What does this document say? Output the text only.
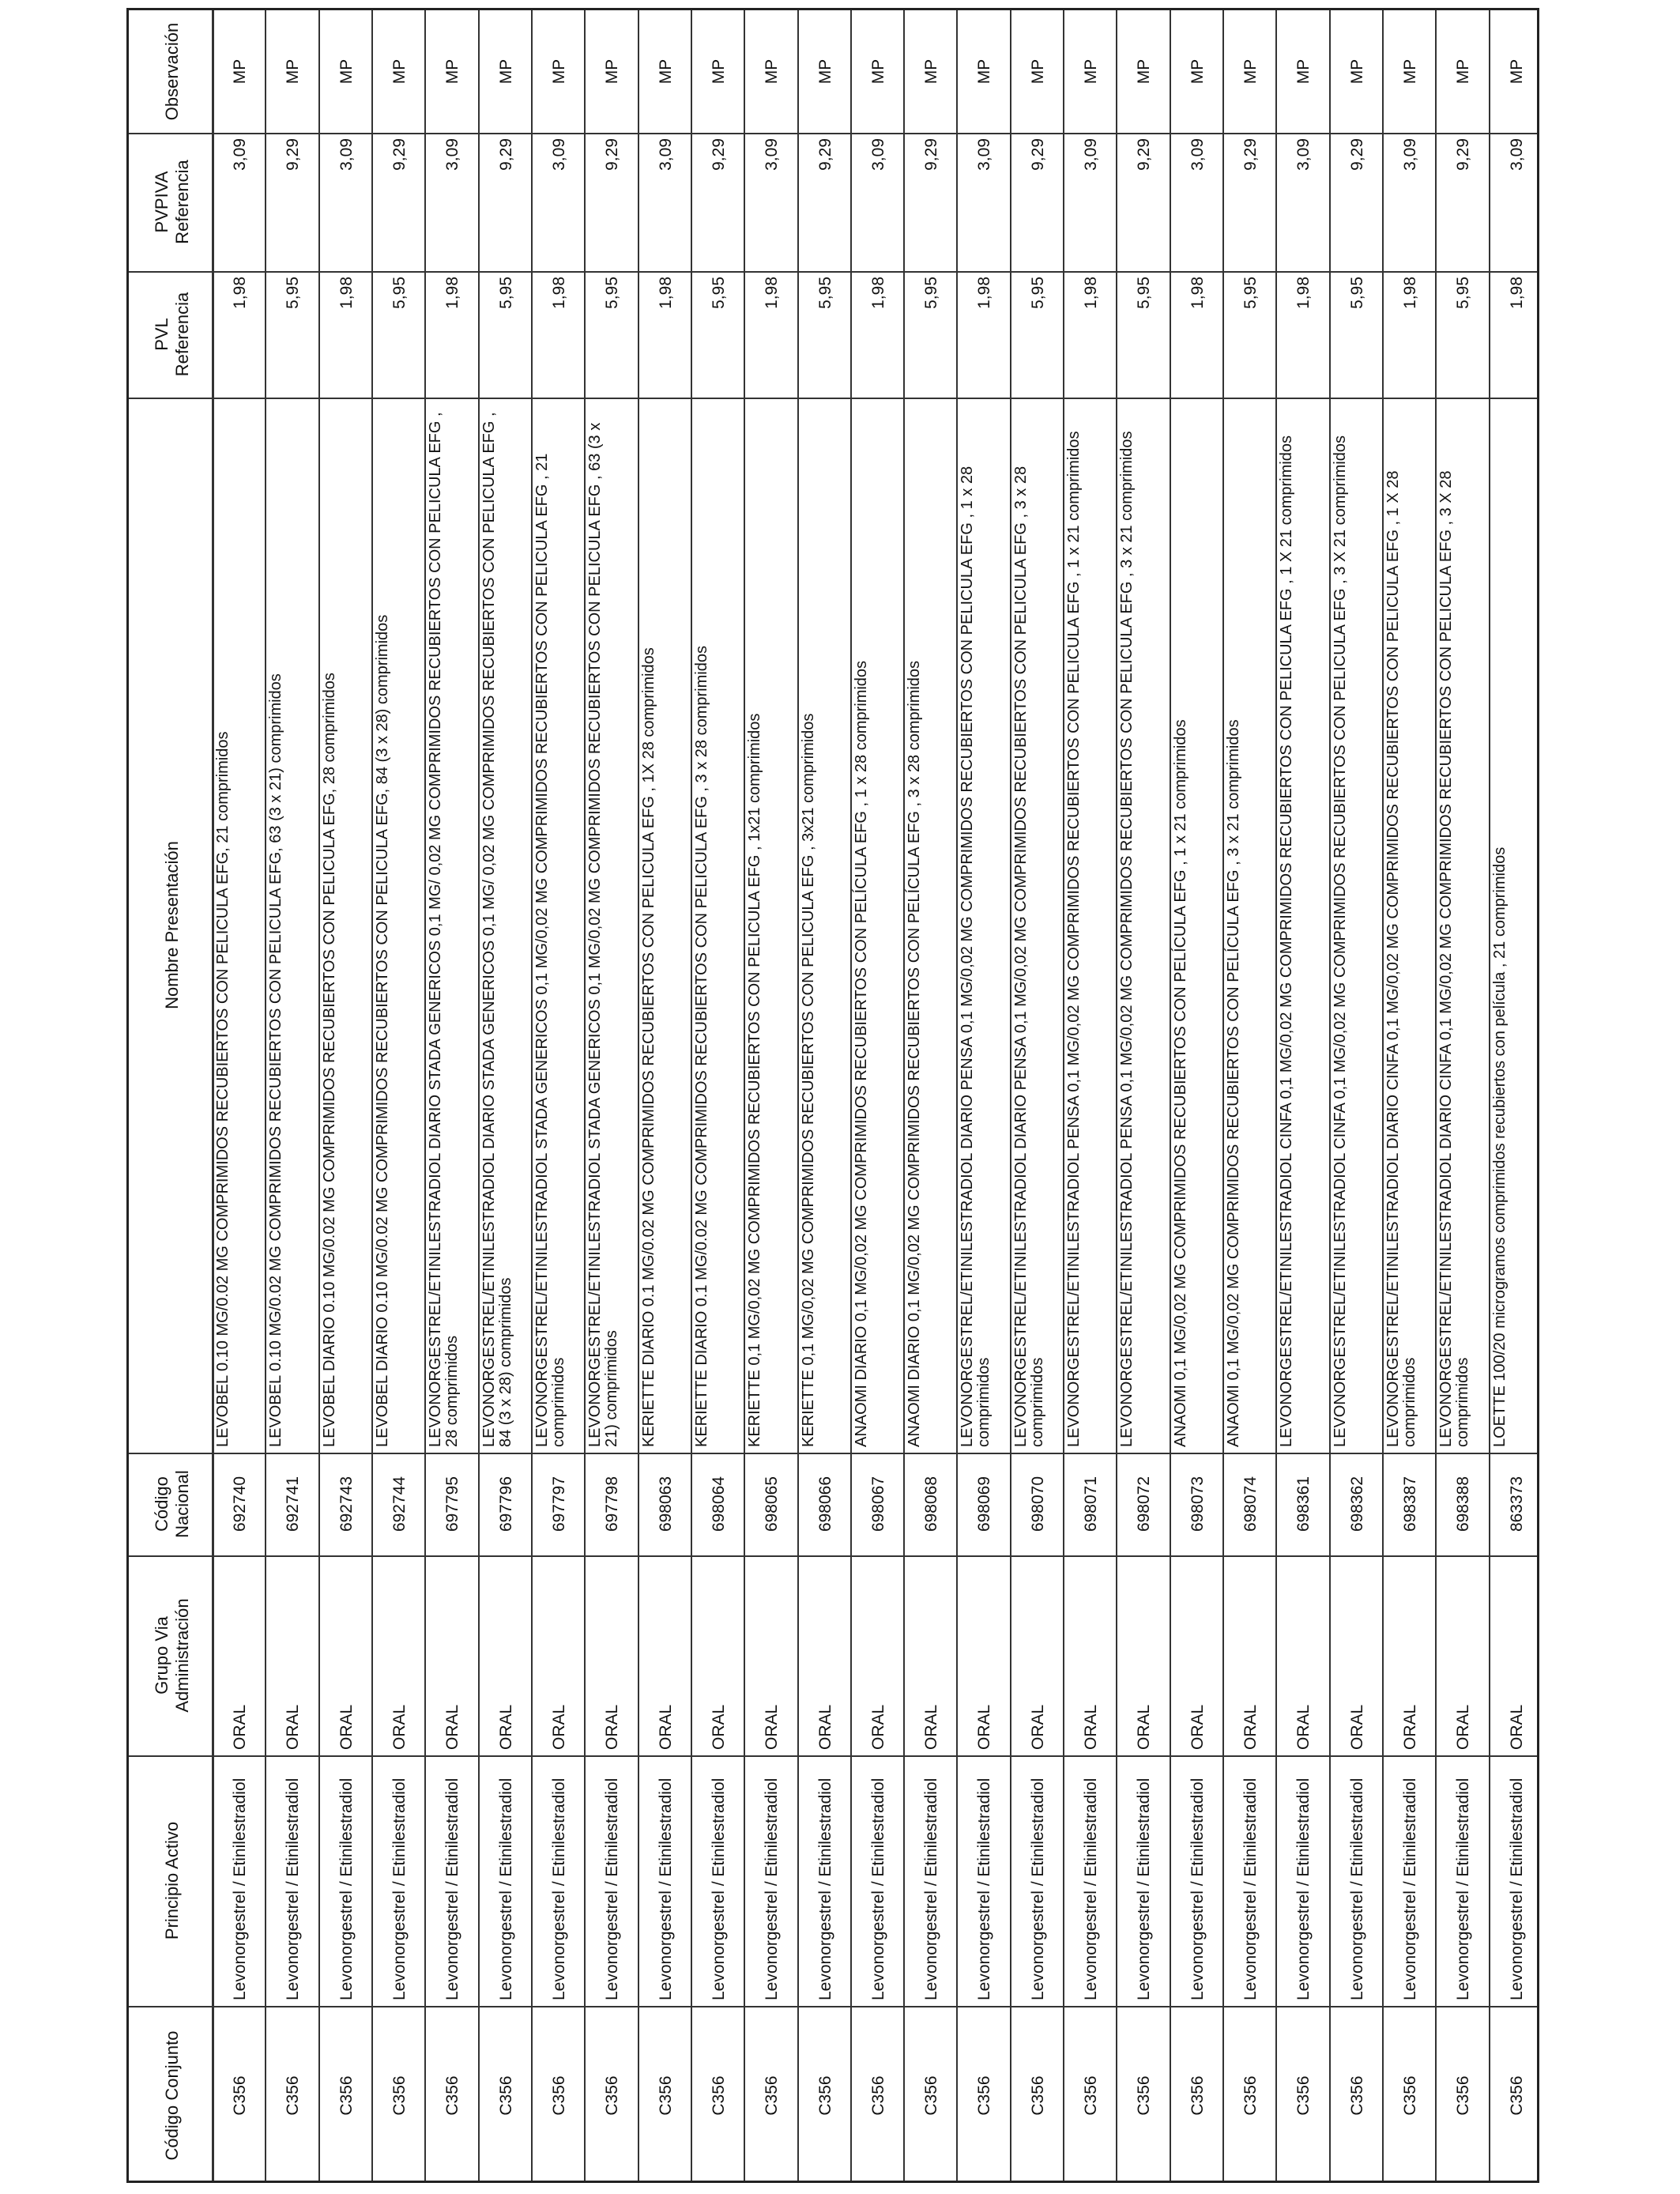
Código Conjunto
Principio Activo
Grupo Via Administración
Código Nacional
Nombre Presentación
PVL Referencia
PVPIVA Referencia
Observación
C356
Levonorgestrel / Etinilestradiol
ORAL
692740
LEVOBEL 0.10 MG/0.02 MG COMPRIMIDOS RECUBIERTOS CON PELICULA EFG, 21 comprimidos
1,98
3,09
MP
C356
Levonorgestrel / Etinilestradiol
ORAL
692741
LEVOBEL 0.10 MG/0.02 MG COMPRIMIDOS RECUBIERTOS CON PELICULA EFG, 63 (3 x 21) comprimidos
5,95
9,29
MP
C356
Levonorgestrel / Etinilestradiol
ORAL
692743
LEVOBEL DIARIO 0.10 MG/0.02 MG COMPRIMIDOS RECUBIERTOS CON PELICULA EFG, 28 comprimidos
1,98
3,09
MP
C356
Levonorgestrel / Etinilestradiol
ORAL
692744
LEVOBEL DIARIO 0.10 MG/0.02 MG COMPRIMIDOS RECUBIERTOS CON PELICULA EFG, 84 (3 x 28) comprimidos
5,95
9,29
MP
C356
Levonorgestrel / Etinilestradiol
ORAL
697795
LEVONORGESTREL/ETINILESTRADIOL DIARIO STADA GENERICOS 0,1 MG/ 0,02 MG COMPRIMIDOS RECUBIERTOS CON PELICULA EFG , 28 comprimidos
1,98
3,09
MP
C356
Levonorgestrel / Etinilestradiol
ORAL
697796
LEVONORGESTREL/ETINILESTRADIOL DIARIO STADA GENERICOS 0,1 MG/ 0,02 MG COMPRIMIDOS RECUBIERTOS CON PELICULA EFG , 84 (3 x 28) comprimidos
5,95
9,29
MP
C356
Levonorgestrel / Etinilestradiol
ORAL
697797
LEVONORGESTREL/ETINILESTRADIOL STADA GENERICOS 0,1 MG/0,02 MG COMPRIMIDOS RECUBIERTOS CON PELICULA EFG , 21 comprimidos
1,98
3,09
MP
C356
Levonorgestrel / Etinilestradiol
ORAL
697798
LEVONORGESTREL/ETINILESTRADIOL STADA GENERICOS 0,1 MG/0,02 MG COMPRIMIDOS RECUBIERTOS CON PELICULA EFG , 63 (3 x 21) comprimidos
5,95
9,29
MP
C356
Levonorgestrel / Etinilestradiol
ORAL
698063
KERIETTE DIARIO 0.1 MG/0.02 MG COMPRIMIDOS RECUBIERTOS CON PELICULA EFG , 1X 28 comprimidos
1,98
3,09
MP
C356
Levonorgestrel / Etinilestradiol
ORAL
698064
KERIETTE DIARIO 0.1 MG/0.02 MG COMPRIMIDOS RECUBIERTOS CON PELICULA EFG , 3 x 28 comprimidos
5,95
9,29
MP
C356
Levonorgestrel / Etinilestradiol
ORAL
698065
KERIETTE 0,1 MG/0,02 MG COMPRIMIDOS RECUBIERTOS CON PELICULA EFG , 1x21 comprimidos
1,98
3,09
MP
C356
Levonorgestrel / Etinilestradiol
ORAL
698066
KERIETTE 0,1 MG/0,02 MG COMPRIMIDOS RECUBIERTOS CON PELICULA EFG , 3x21 comprimidos
5,95
9,29
MP
C356
Levonorgestrel / Etinilestradiol
ORAL
698067
ANAOMI DIARIO 0,1 MG/0,02 MG COMPRIMIDOS RECUBIERTOS CON PELÍCULA EFG , 1 x 28 comprimidos
1,98
3,09
MP
C356
Levonorgestrel / Etinilestradiol
ORAL
698068
ANAOMI DIARIO 0,1 MG/0,02 MG COMPRIMIDOS RECUBIERTOS CON PELÍCULA EFG , 3 x 28 comprimidos
5,95
9,29
MP
C356
Levonorgestrel / Etinilestradiol
ORAL
698069
LEVONORGESTREL/ETINILESTRADIOL DIARIO PENSA 0,1 MG/0,02 MG COMPRIMIDOS RECUBIERTOS CON PELICULA EFG , 1 x 28 comprimidos
1,98
3,09
MP
C356
Levonorgestrel / Etinilestradiol
ORAL
698070
LEVONORGESTREL/ETINILESTRADIOL DIARIO PENSA 0,1 MG/0,02 MG COMPRIMIDOS RECUBIERTOS CON PELICULA EFG , 3 x 28 comprimidos
5,95
9,29
MP
C356
Levonorgestrel / Etinilestradiol
ORAL
698071
LEVONORGESTREL/ETINILESTRADIOL PENSA 0,1 MG/0,02 MG COMPRIMIDOS RECUBIERTOS CON PELICULA EFG , 1 x 21 comprimidos
1,98
3,09
MP
C356
Levonorgestrel / Etinilestradiol
ORAL
698072
LEVONORGESTREL/ETINILESTRADIOL PENSA 0,1 MG/0,02 MG COMPRIMIDOS RECUBIERTOS CON PELICULA EFG , 3 x 21 comprimidos
5,95
9,29
MP
C356
Levonorgestrel / Etinilestradiol
ORAL
698073
ANAOMI 0,1 MG/0,02 MG COMPRIMIDOS RECUBIERTOS CON PELÍCULA EFG , 1 x 21 comprimidos
1,98
3,09
MP
C356
Levonorgestrel / Etinilestradiol
ORAL
698074
ANAOMI 0,1 MG/0,02 MG COMPRIMIDOS RECUBIERTOS CON PELÍCULA EFG , 3 x 21 comprimidos
5,95
9,29
MP
C356
Levonorgestrel / Etinilestradiol
ORAL
698361
LEVONORGESTREL/ETINILESTRADIOL CINFA 0,1 MG/0,02 MG COMPRIMIDOS RECUBIERTOS CON PELICULA EFG , 1 X 21 comprimidos
1,98
3,09
MP
C356
Levonorgestrel / Etinilestradiol
ORAL
698362
LEVONORGESTREL/ETINILESTRADIOL CINFA 0,1 MG/0,02 MG COMPRIMIDOS RECUBIERTOS CON PELICULA EFG , 3 X 21 comprimidos
5,95
9,29
MP
C356
Levonorgestrel / Etinilestradiol
ORAL
698387
LEVONORGESTREL/ETINILESTRADIOL DIARIO CINFA 0,1 MG/0,02 MG COMPRIMIDOS RECUBIERTOS CON PELICULA EFG , 1 X 28 comprimidos
1,98
3,09
MP
C356
Levonorgestrel / Etinilestradiol
ORAL
698388
LEVONORGESTREL/ETINILESTRADIOL DIARIO CINFA 0,1 MG/0,02 MG COMPRIMIDOS RECUBIERTOS CON PELICULA EFG , 3 X 28 comprimidos
5,95
9,29
MP
C356
Levonorgestrel / Etinilestradiol
ORAL
863373
LOETTE 100/20 microgramos comprimidos recubiertos con película , 21 comprimidos
1,98
3,09
MP
